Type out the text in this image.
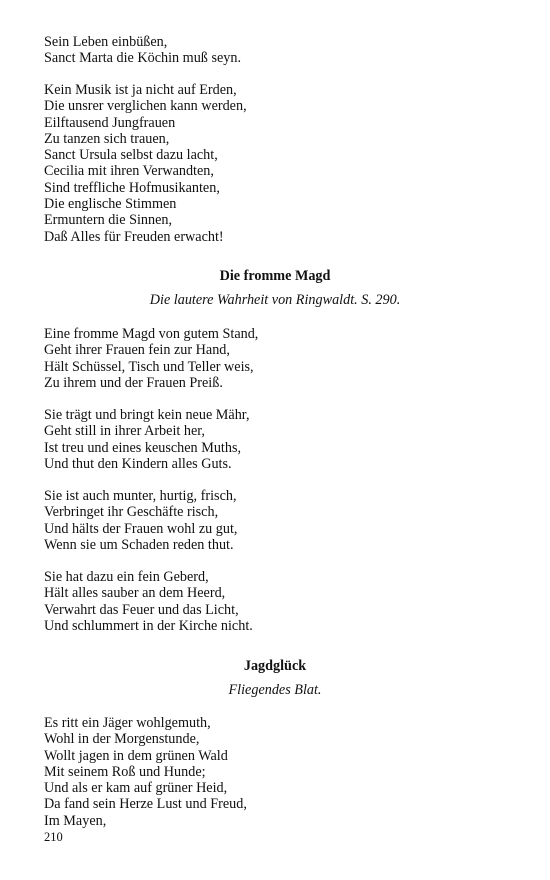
Sein Leben einbüßen,
Sanct Marta die Köchin muß seyn.
Kein Musik ist ja nicht auf Erden,
Die unsrer verglichen kann werden,
Eilftausend Jungfrauen
Zu tanzen sich trauen,
Sanct Ursula selbst dazu lacht,
Cecilia mit ihren Verwandten,
Sind treffliche Hofmusikanten,
Die englische Stimmen
Ermuntern die Sinnen,
Daß Alles für Freuden erwacht!
Die fromme Magd
Die lautere Wahrheit von Ringwaldt. S. 290.
Eine fromme Magd von gutem Stand,
Geht ihrer Frauen fein zur Hand,
Hält Schüssel, Tisch und Teller weis,
Zu ihrem und der Frauen Preiß.
Sie trägt und bringt kein neue Mähr,
Geht still in ihrer Arbeit her,
Ist treu und eines keuschen Muths,
Und thut den Kindern alles Guts.
Sie ist auch munter, hurtig, frisch,
Verbringet ihr Geschäfte risch,
Und hälts der Frauen wohl zu gut,
Wenn sie um Schaden reden thut.
Sie hat dazu ein fein Geberd,
Hält alles sauber an dem Heerd,
Verwahrt das Feuer und das Licht,
Und schlummert in der Kirche nicht.
Jagdglück
Fliegendes Blat.
Es ritt ein Jäger wohlgemuth,
Wohl in der Morgenstunde,
Wollt jagen in dem grünen Wald
Mit seinem Roß und Hunde;
Und als er kam auf grüner Heid,
Da fand sein Herze Lust und Freud,
Im Mayen,
210
